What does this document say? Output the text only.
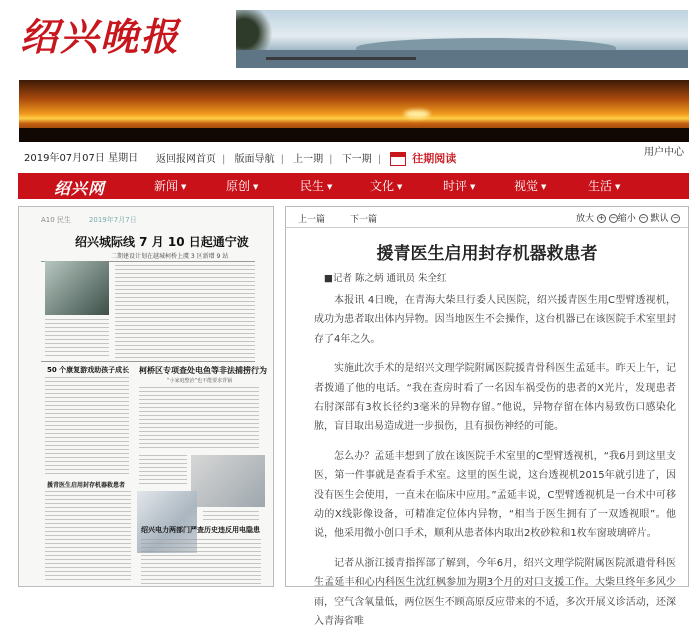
绍兴晚报
2019年07月07日 星期日 返回报网首页 | 版面导航 | 上一期 | 下一期 |	往期阅读	用户中心
绍兴网	新闻 ▼	原创 ▼	民生 ▼	文化 ▼	时评 ▼	视觉 ▼	生活 ▼
A10 民生	2019年7月7日
绍兴城际线 7 月 10 日起通宁波
二期建设计划在越城柯桥上虞 3 区新增 9 站
50 个康复游戏助孩子成长 柯桥区专项查处电鱼等非法捕捞行为
“小家庭整治”也不能要求背锅
援青医生启用封存机器救患者
绍兴电力两部门严查历史违反用电隐患
上一篇	下一篇	放大 + − 缩小 − 默认 −
援青医生启用封存机器救患者
■记者 陈之炳 通讯员 朱全红

本报讯 4日晚，在青海大柴旦行委人民医院，绍兴援青医生用C型臂透视机，成功为患者取出体内异物。因当地医生不会操作，这台机器已在该医院手术室里封存了4年之久。

实施此次手术的是绍兴文理学院附属医院援青骨科医生孟延丰。昨天上午，记者拨通了他的电话。“我在查房时看了一名因车祸受伤的患者的X光片，发现患者右肘深部有3枚长径约3毫米的异物存留。”他说，异物存留在体内易致伤口感染化脓，盲目取出易造成进一步损伤，且有损伤神经的可能。

怎么办？孟延丰想到了放在该医院手术室里的C型臂透视机，“我6月到这里支医，第一件事就是查看手术室。这里的医生说，这台透视机2015年就引进了，因没有医生会使用，一直未在临床中应用。”孟延丰说，C型臂透视机是一台术中可移动的X线影像设备，可精准定位体内异物，“相当于医生拥有了一双透视眼”。他说，他采用微小创口手术，顺利从患者体内取出2枚砂粒和1枚车窗玻璃碎片。

记者从浙江援青指挥部了解到，今年6月，绍兴文理学院附属医院派遣骨科医生孟延丰和心内科医生沈红枫参加为期3个月的对口支援工作。大柴旦终年多风少雨，空气含氧量低，两位医生不顾高原反应带来的不适，多次开展义诊活动，还深入青海省唯
